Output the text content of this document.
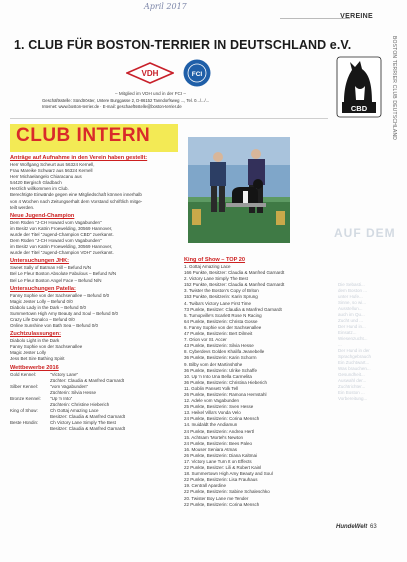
April 2017
VEREINE
1. CLUB FÜR BOSTON-TERRIER IN DEUTSCHLAND e.V.
VDH	FCI
– Mitglied im VDH und in der FCI –
Geschäftsstelle: Sündtröster, Untere Burggasse 2, D-86152 Tanndorfsweg ..., Tel. 0.../.../...
Internet: www.boston-terrier.de · E-mail: geschaeftsstelle@boston-terrier.de	CBD	BOSTON TERRIER CLUB DEUTSCHLAND
CLUB INTERN
Anträge auf Aufnahme in den Verein haben gestellt:
Herr Wolfgang Scheurt aus 56324 Kernell,
Frau Mareike Schwarz aus 56324 Kernell
Herr Michaelangelo Chiaracanu aus
54420 Bergisch Gladbach
Herzlich willkommen im Club.
Berechtigte Einwände gegen eine Mitgliedschaft können innerhalb
von 4 Wochen nach Zeitungserhalt dem Vorstand schriftlich mitge-
teilt werden.
Neue Jugend-Champion
Dem Rüden "J-CH Howard vom Vagabunden"
im Besitz von Katrin Froewelding, 30569 Hannover,
wurde der Titel "Jugend-Champion CBD" zuerkannt.
Dem Rüden "J-CH Howard vom Vagabunden"
im Besitz von Katrin Froewelding, 30569 Hannover,
wurde der Titel "Jugend-Champion VDH" zuerkannt.
Untersuchungen JHK:
Sweet Sally of Batman Hill – Befund N/N
Bel Le Fleur Boston Absolute Fabulous – Befund N/N
Bel Le Fleur Boston Angel Face – Befund N/N
Untersuchungen Patella:
Fanny Sophie von der Sachsenallee – Befund 0/0
Magic Jester Lolly – Befund 0/0
Diabolo Lady in the Dark – Befund 0/0
Summertown High Amy Beauty and Soul – Befund 0/0
Crazy Life Donalco – Befund 0/0
Online Sunshine von Bath Sea – Befund 0/0
Zuchtzulassungen:
Diabolo Light in the Dark
Fanny Sophie von der Sachsenallee
Magic Jester Lolly
Jess Bet Sire Bathing Spirit
Wettbewerbe 2016
Gold Kennel:	"Victory Lane"
Züchter: Claudia & Manfred Garnardt
Silber Kennel:	"vom Vagabunden"
Züchterin: Silvia Hesse
Bronze Kennel:	"Up 'n Into"
Züchterin: Christine Hieberich
King of Show:	Ch Gottaj Amazing Lace
Besitzer: Claudia & Manfred Garnardt
Beste Hündin:	Ch Victory Lane Simply The Best
Besitzer: Claudia & Manfred Garnardt
King of Show – TOP 20
1. Gottaj Amazing Lace
166 Punkte, Besitzer: Claudia & Manfred Garnardt
2. Victory Lane Simply The Best
152 Punkte, Besitzer: Claudia & Manfred Garnardt
3. Twister the Boston's Copy of Briton
153 Punkte, Besitzerin: Karin Sprung
4. Twiba's Victory Lane First Time
73 Punkte, Besitzer: Claudia & Manfred Garnardt
5. Tumopville's Scarlett Rose N Racing
64 Punkte, Besitzerin: Christa Gosse
6. Fanny Sophie von der Sachsenallee
47 Punkte, Besitzerin: Bert Dilmeit
7. Orion vor St. Accer
43 Punkte, Besitzerin: Silvia Hesse
8. Cyberdevs Golden Khalifa Jeanebelle
36 Punkte, Besitzerin: Karin Schorrn
9. Bilby vom der Martinshöhe
36 Punkte, Besitzerin: Ulrike Schaffe
10. Up 'n Into Una Bella Carmelita
36 Punkte, Besitzerin: Christina Hieberich
11. Goblin Pansett Yolk Tell
26 Punkte, Besitzerin: Ramona Hernstahl
12. Adele vom Vagabunden
25 Punkte, Besitzerin: Sven Hesse
13. Heikel Villa's Vonda Velo
24 Punkte, Besitzerin: Corina Mensch
14. Inuidaldt the Andiamun
24 Punkte, Besitzerin: Andrea Hertl
15. Achtsam 'Mortel's Newton
24 Punkte, Besitzerin: Bees Paleo
16. Mouser Seniara Atmas
26 Punkte, Besitzerin: Diana Kaltmai
17. Victory Lane Turn It on Effects
22 Punkte, Besitzer: Lili & Robert Kainl
18. Summertown High Amy Beauty and Soul
22 Punkte, Besitzerin: Lisa Frauhaus
19. Centrall Apardine
22 Punkte, Besitzerin: Sabine Schaleschko
20. Twister Boy Lane me Tender
22 Punkte, Besitzerin: Corina Mensch
AUF DEM
Die Sebasti...
dem Boston ...
unter Hufe...
Sinne, so wi...
Ausstellun...
auch im Qu...
Zucht und ...
Der Hund in...
Einsatz...
Wiesenzucht...
...
Der Hund in der
Sprachgebrauch
Ein Zuchtwart...
Was brauchen...
Gesundheit...
Auswahl der...
Zuchtrichter...
Ein Boston ...
Vorbereitung...
HundeWelt 63
